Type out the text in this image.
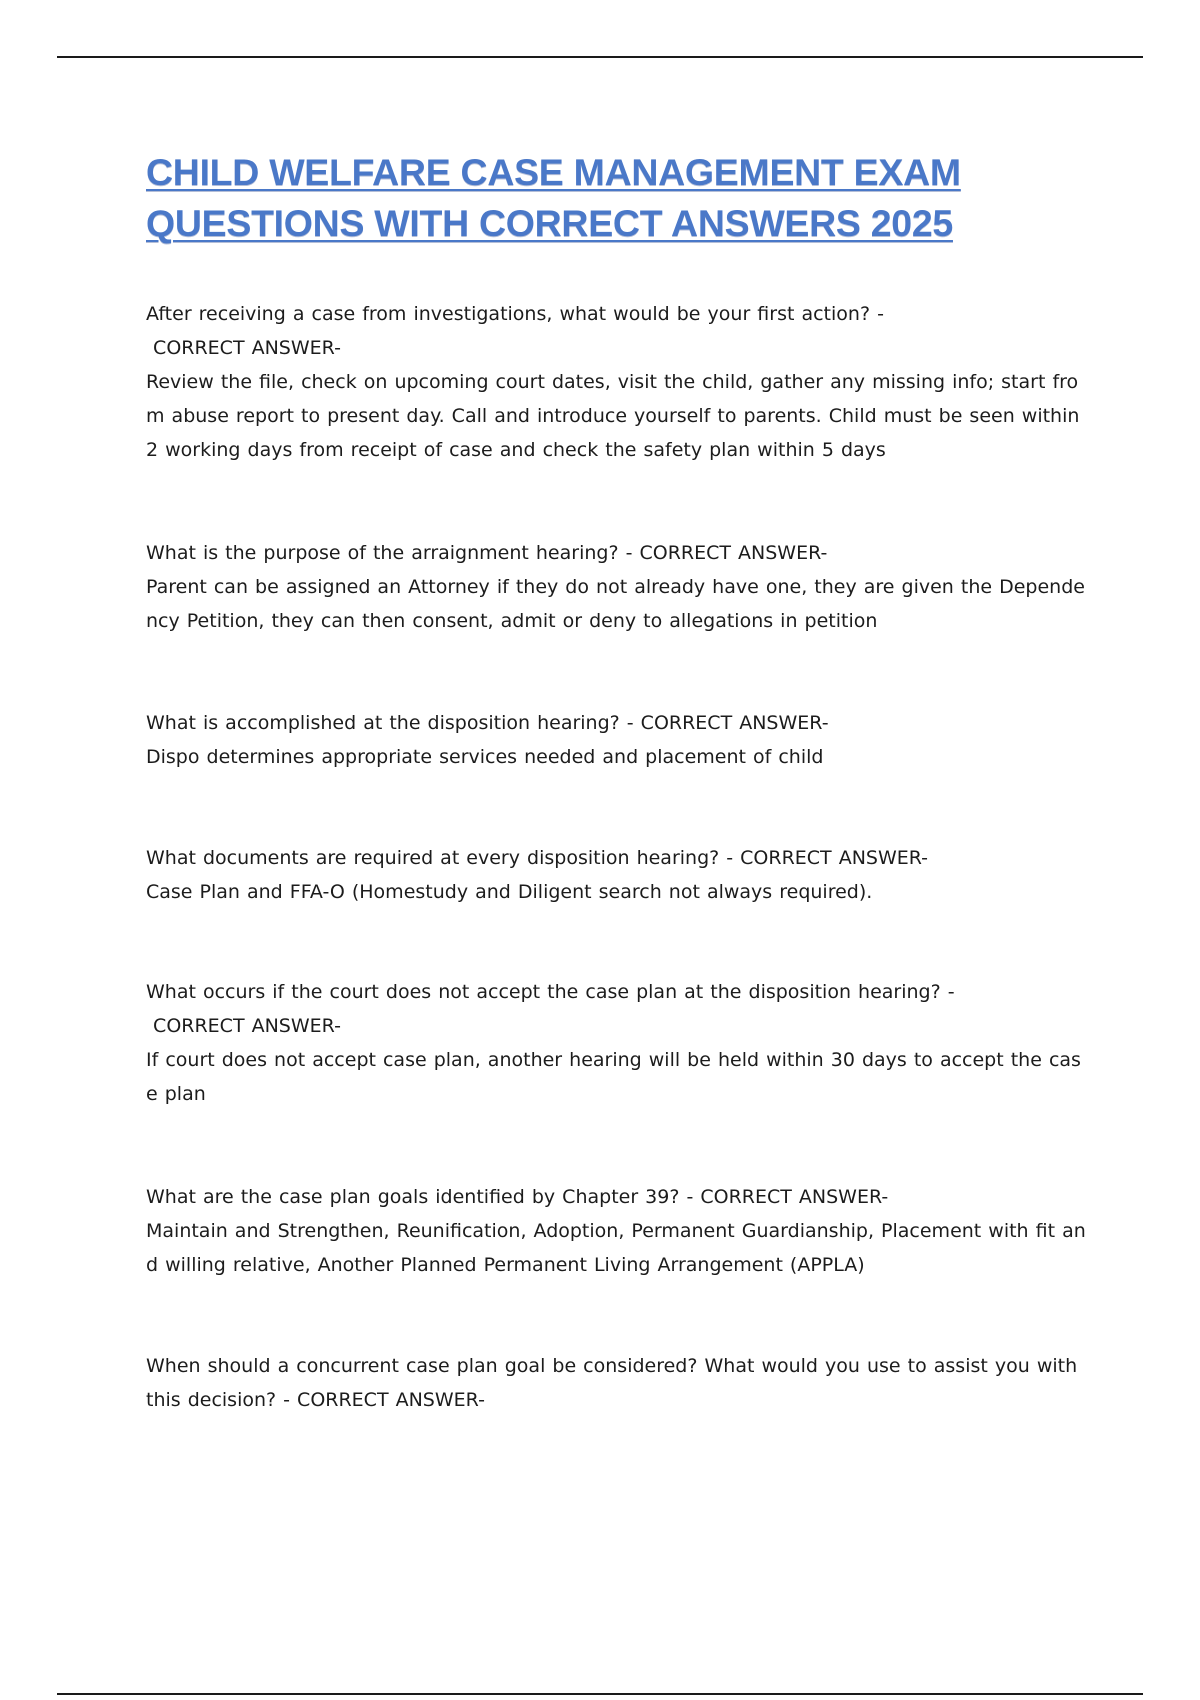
CHILD WELFARE CASE MANAGEMENT EXAM QUESTIONS WITH CORRECT ANSWERS 2025

After receiving a case from investigations, what would be your first action? -
CORRECT ANSWER-

Review the file, check on upcoming court dates, visit the child, gather any missing info; start from abuse report to present day. Call and introduce yourself to parents. Child must be seen within 2 working days from receipt of case and check the safety plan within 5 days

What is the purpose of the arraignment hearing? - CORRECT ANSWER-

Parent can be assigned an Attorney if they do not already have one, they are given the Dependency Petition, they can then consent, admit or deny to allegations in petition

What is accomplished at the disposition hearing? - CORRECT ANSWER-

Dispo determines appropriate services needed and placement of child

What documents are required at every disposition hearing? - CORRECT ANSWER-

Case Plan and FFA-O (Homestudy and Diligent search not always required).

What occurs if the court does not accept the case plan at the disposition hearing? -
CORRECT ANSWER-

If court does not accept case plan, another hearing will be held within 30 days to accept the case plan

What are the case plan goals identified by Chapter 39? - CORRECT ANSWER-

Maintain and Strengthen, Reunification, Adoption, Permanent Guardianship, Placement with fit and willing relative, Another Planned Permanent Living Arrangement (APPLA)

When should a concurrent case plan goal be considered? What would you use to assist you with this decision? - CORRECT ANSWER-
